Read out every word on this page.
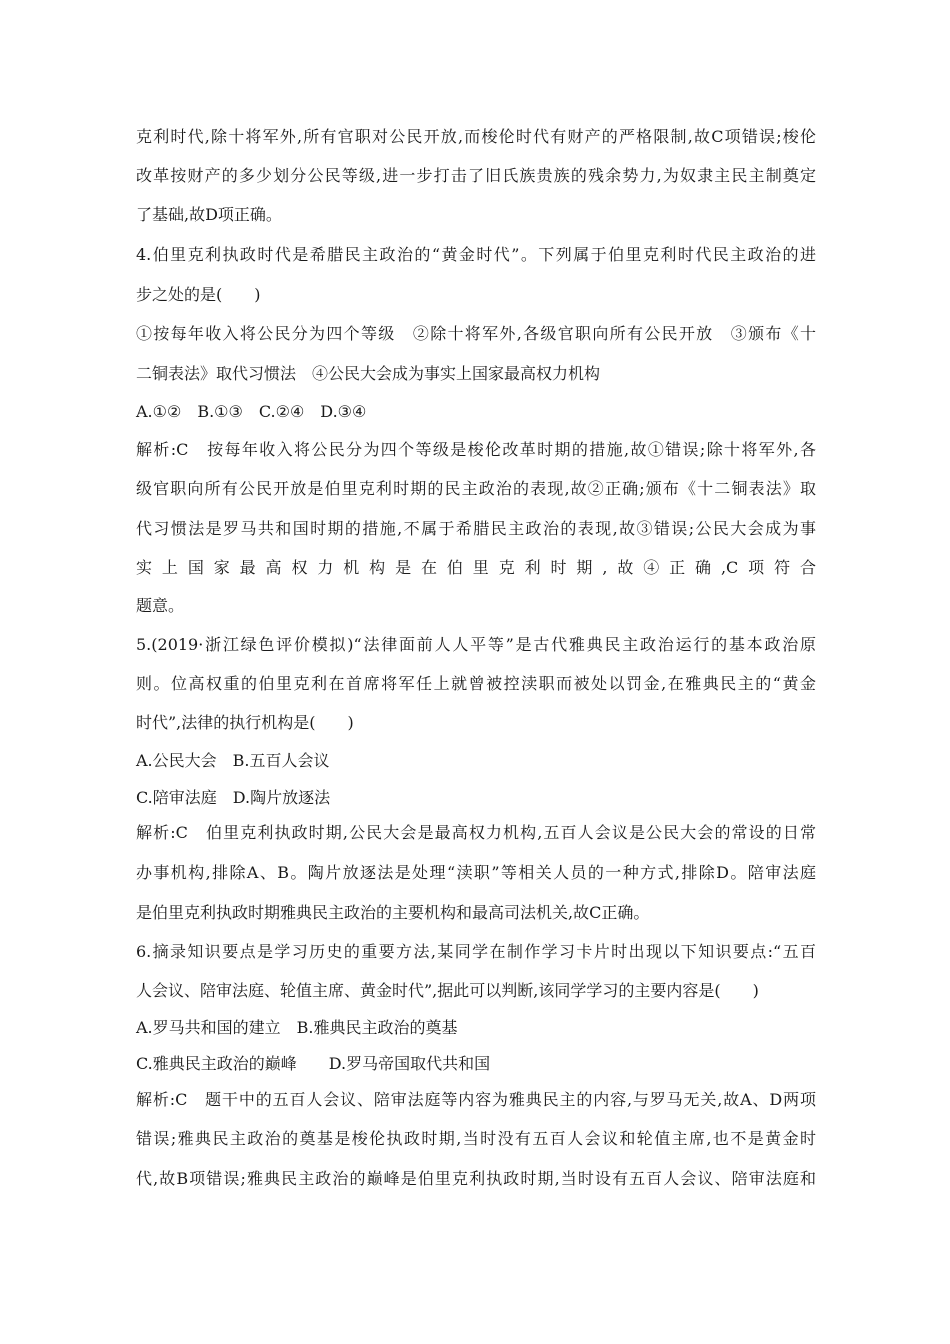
克利时代,除十将军外,所有官职对公民开放,而梭伦时代有财产的严格限制,故C项错误;梭伦
改革按财产的多少划分公民等级,进一步打击了旧氏族贵族的残余势力,为奴隶主民主制奠定
了基础,故D项正确。
4.伯里克利执政时代是希腊民主政治的“黄金时代”。下列属于伯里克利时代民主政治的进
步之处的是(　　)
①按每年收入将公民分为四个等级　②除十将军外,各级官职向所有公民开放　③颁布《十
二铜表法》取代习惯法　④公民大会成为事实上国家最高权力机构
A.①②　B.①③　C.②④　D.③④
解析:C　按每年收入将公民分为四个等级是梭伦改革时期的措施,故①错误;除十将军外,各
级官职向所有公民开放是伯里克利时期的民主政治的表现,故②正确;颁布《十二铜表法》取
代习惯法是罗马共和国时期的措施,不属于希腊民主政治的表现,故③错误;公民大会成为事
实上国家最高权力机构是在伯里克利时期,故④正确,C项符合
题意。
5.(2019·浙江绿色评价模拟)“法律面前人人平等”是古代雅典民主政治运行的基本政治原
则。位高权重的伯里克利在首席将军任上就曾被控渎职而被处以罚金,在雅典民主的“黄金
时代”,法律的执行机构是(　　)
A.公民大会　B.五百人会议
C.陪审法庭　D.陶片放逐法
解析:C　伯里克利执政时期,公民大会是最高权力机构,五百人会议是公民大会的常设的日常
办事机构,排除A、B。陶片放逐法是处理“渎职”等相关人员的一种方式,排除D。陪审法庭
是伯里克利执政时期雅典民主政治的主要机构和最高司法机关,故C正确。
6.摘录知识要点是学习历史的重要方法,某同学在制作学习卡片时出现以下知识要点:“五百
人会议、陪审法庭、轮值主席、黄金时代”,据此可以判断,该同学学习的主要内容是(　　)
A.罗马共和国的建立　B.雅典民主政治的奠基
C.雅典民主政治的巅峰　　D.罗马帝国取代共和国
解析:C　题干中的五百人会议、陪审法庭等内容为雅典民主的内容,与罗马无关,故A、D两项
错误;雅典民主政治的奠基是梭伦执政时期,当时没有五百人会议和轮值主席,也不是黄金时
代,故B项错误;雅典民主政治的巅峰是伯里克利执政时期,当时设有五百人会议、陪审法庭和
